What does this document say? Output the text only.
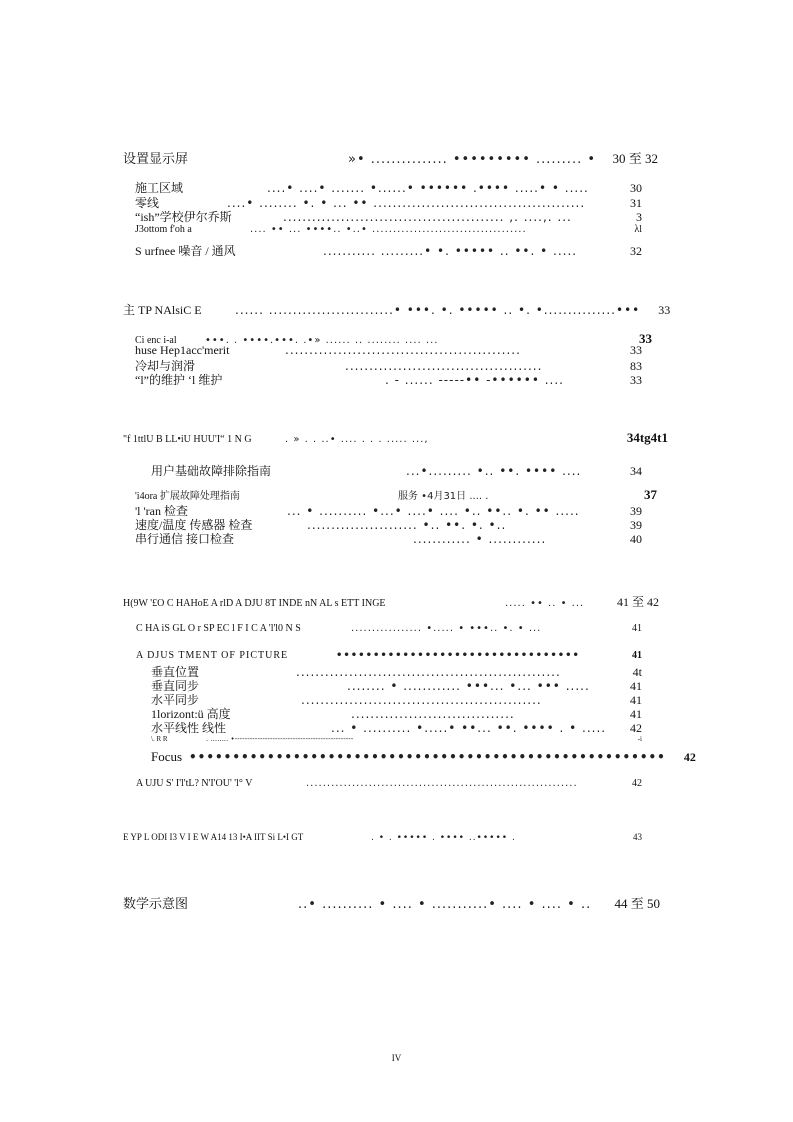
设置显示屏	»• ............... ••••••••• ......... •	30 至 32
施工区域	....• ....• ....... •......• •••••• .•••• .....• • .....	30
零线	....• ........ •. • ... •• ............................................	31
“ish”学校伊尔乔斯	.............................................. ,. ....,. ...	3
J3ottom f'oh a	.... •• ... ••••.. •..• .....................................	λl
S urfnee 噪音 / 通风	........... .........• •. ••••• .. ••. • .....	32
主 TP NAlsiC E	...... ..........................• •••. •. ••••• .. •. •...............•••	33
Ci enc i-al	•••. . ••••.•••. .•» ...... .. ........ .... ...	33
huse Hep1acc'merit	.................................................	33
冷却与润滑	.........................................	83
“l”的维护 ‘l 维护	. - ...... -----•• -•••••• ....	33
"f 1ttlU B LL•iU HUU'I“ 1 N G	. » . . ..• .... . . . ..... ...,	34tg4t1
用户基础故障排除指南	...•......... •.. ••. •••• ....	34
'i4ora 扩展故障处理指南	服务 •4月31日 .... .	37
'l 'ran 检查	... • .......... •...• ....• .... •.. ••.. •. •• .....	39
速度/温度 传感器 检查	....................... •.. ••. •. •..	39
串行通信 接口检查	............ • ............	40
H(9W '£O C HAHoE A rlD A DJU 8T INDE nN AL s ETT INGE	..... •• .. • ...	41 至 42
C HA iS GL O r SP EC l F I C A 'l'l0 N S	................. •..... • •••.. •. • ...	41
A DJUS TMENT OF PICTURE	•••••••••••••••••••••••••••••••••	41
垂直位置	.......................................................	4t
垂直同步	........ • ............ •••... •... ••• .....	41
水平同步	..................................................	41
1lorizont:ü 高度	..................................	41
水平线性 线性	... • .......... •.....• ••... ••. •••• . • .....	42
\. R R	. ........ •-----------------------------------------------	-i
Focus •••••••••••••••••••••••••••••••••••••••••••••••••••••••	42
A UJU S' I'l'tL? N'I'OU' 'l° V	.................................................................	42
E YP L ODI I3 V I E W A14 13 I•A IIT Si L•I GT	. • . ••••• . •••• ..••••• .	43
数学示意图	..• .......... • .... • ...........• .... • .... • ..	44 至 50
IV
